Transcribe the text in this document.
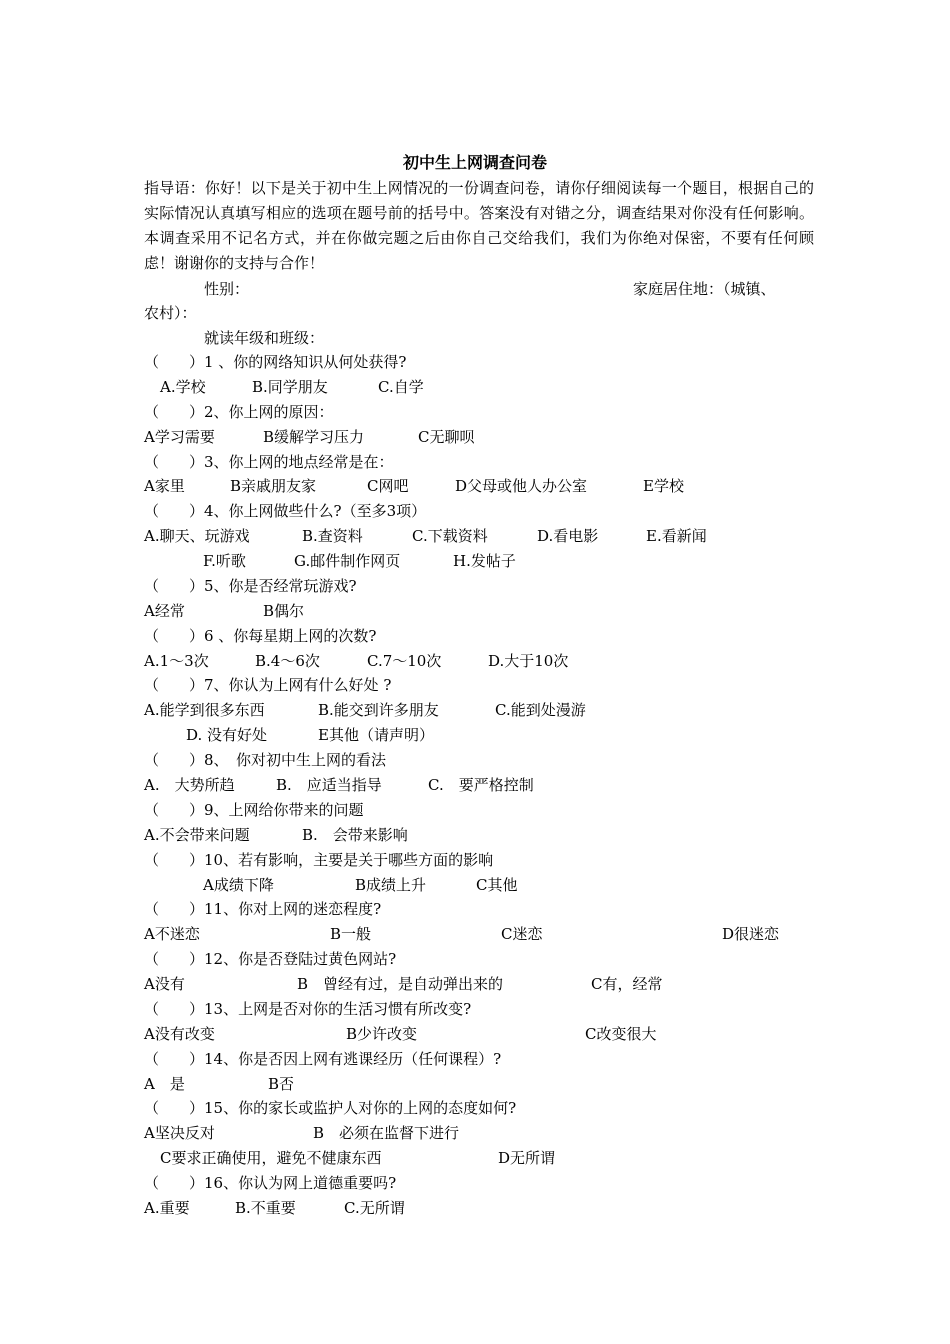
初中生上网调查问卷
指导语：你好！以下是关于初中生上网情况的一份调查问卷，请你仔细阅读每一个题目，根据自己的实际情况认真填写相应的选项在题号前的括号中。答案没有对错之分，调查结果对你没有任何影响。本调查采用不记名方式，并在你做完题之后由你自己交给我们，我们为你绝对保密，不要有任何顾虑！谢谢你的支持与合作！
性别：	家庭居住地：（城镇、
农村）：
就读年级和班级：
（　　）1 、你的网络知识从何处获得?
A.学校	B.同学朋友	C.自学
（　　）2、你上网的原因：
A学习需要	B缓解学习压力	C无聊呗
（　　）3、你上网的地点经常是在：
A家里	B亲戚朋友家	C网吧	D父母或他人办公室	E学校
（　　）4、你上网做些什么?（至多3项）
A.聊天、玩游戏	B.查资料	C.下载资料	D.看电影	E.看新闻
F.听歌	G.邮件制作网页	H.发帖子
（　　）5、你是否经常玩游戏?
A经常	B偶尔
（　　）6 、你每星期上网的次数?
A.1～3次	B.4～6次	C.7～10次	D.大于10次
（　　）7、你认为上网有什么好处 ?
A.能学到很多东西	B.能交到许多朋友	C.能到处漫游
D. 没有好处	E其他（请声明）
（　　）8、　你对初中生上网的看法
A.　大势所趋	B.　应适当指导	C.　要严格控制
（　　）9、上网给你带来的问题
A.不会带来问题	B.　会带来影响
（　　）10、若有影响，主要是关于哪些方面的影响
A成绩下降	B成绩上升	C其他
（　　）11、你对上网的迷恋程度?
A不迷恋	B一般	C迷恋	D很迷恋
（　　）12、你是否登陆过黄色网站?
A没有	B　曾经有过，是自动弹出来的	C有，经常
（　　）13、上网是否对你的生活习惯有所改变?
A没有改变	B少许改变	C改变很大
（　　）14、你是否因上网有逃课经历（任何课程）?
A　是	B否
（　　）15、你的家长或监护人对你的上网的态度如何?
A坚决反对	B　必须在监督下进行
C要求正确使用，避免不健康东西	D无所谓
（　　）16、你认为网上道德重要吗?
A.重要	B.不重要	C.无所谓
